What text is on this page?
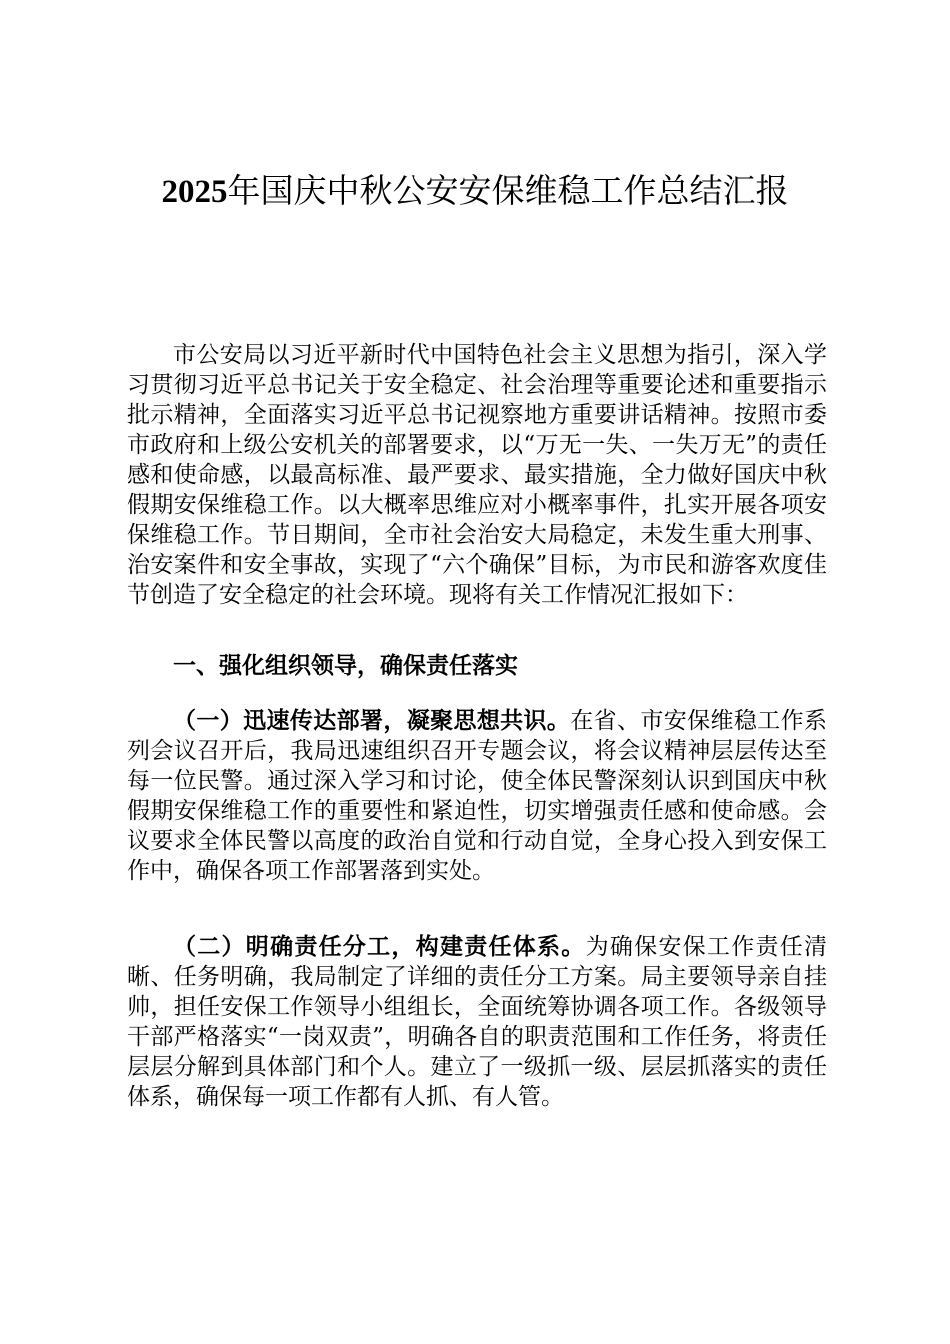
2025年国庆中秋公安安保维稳工作总结汇报

市公安局以习近平新时代中国特色社会主义思想为指引，深入学习贯彻习近平总书记关于安全稳定、社会治理等重要论述和重要指示批示精神，全面落实习近平总书记视察地方重要讲话精神。按照市委市政府和上级公安机关的部署要求，以“万无一失、一失万无”的责任感和使命感，以最高标准、最严要求、最实措施，全力做好国庆中秋假期安保维稳工作。以大概率思维应对小概率事件，扎实开展各项安保维稳工作。节日期间，全市社会治安大局稳定，未发生重大刑事、治安案件和安全事故，实现了“六个确保”目标，为市民和游客欢度佳节创造了安全稳定的社会环境。现将有关工作情况汇报如下：

一、强化组织领导，确保责任落实

（一）迅速传达部署，凝聚思想共识。在省、市安保维稳工作系列会议召开后，我局迅速组织召开专题会议，将会议精神层层传达至每一位民警。通过深入学习和讨论，使全体民警深刻认识到国庆中秋假期安保维稳工作的重要性和紧迫性，切实增强责任感和使命感。会议要求全体民警以高度的政治自觉和行动自觉，全身心投入到安保工作中，确保各项工作部署落到实处。

（二）明确责任分工，构建责任体系。为确保安保工作责任清晰、任务明确，我局制定了详细的责任分工方案。局主要领导亲自挂帅，担任安保工作领导小组组长，全面统筹协调各项工作。各级领导干部严格落实“一岗双责”，明确各自的职责范围和工作任务，将责任层层分解到具体部门和个人。建立了一级抓一级、层层抓落实的责任体系，确保每一项工作都有人抓、有人管。
